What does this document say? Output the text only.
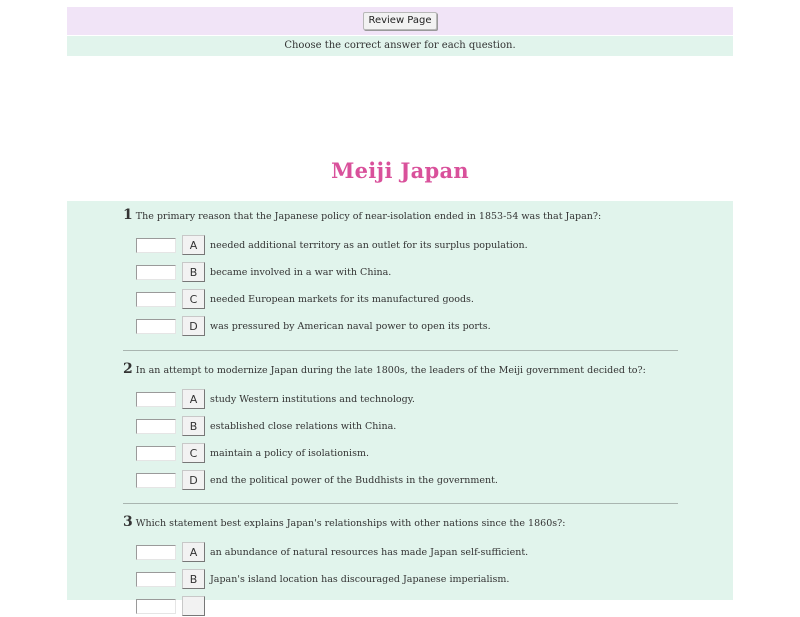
Review Page
Choose the correct answer for each question.
Meiji Japan
1 The primary reason that the Japanese policy of near-isolation ended in 1853-54 was that Japan?:
A	needed additional territory as an outlet for its surplus population.
B	became involved in a war with China.
C	needed European markets for its manufactured goods.
D	was pressured by American naval power to open its ports.
2 In an attempt to modernize Japan during the late 1800s, the leaders of the Meiji government decided to?:
A	study Western institutions and technology.
B	established close relations with China.
C	maintain a policy of isolationism.
D	end the political power of the Buddhists in the government.
3 Which statement best explains Japan's relationships with other nations since the 1860s?:
A	an abundance of natural resources has made Japan self-sufficient.
B	Japan's island location has discouraged Japanese imperialism.
